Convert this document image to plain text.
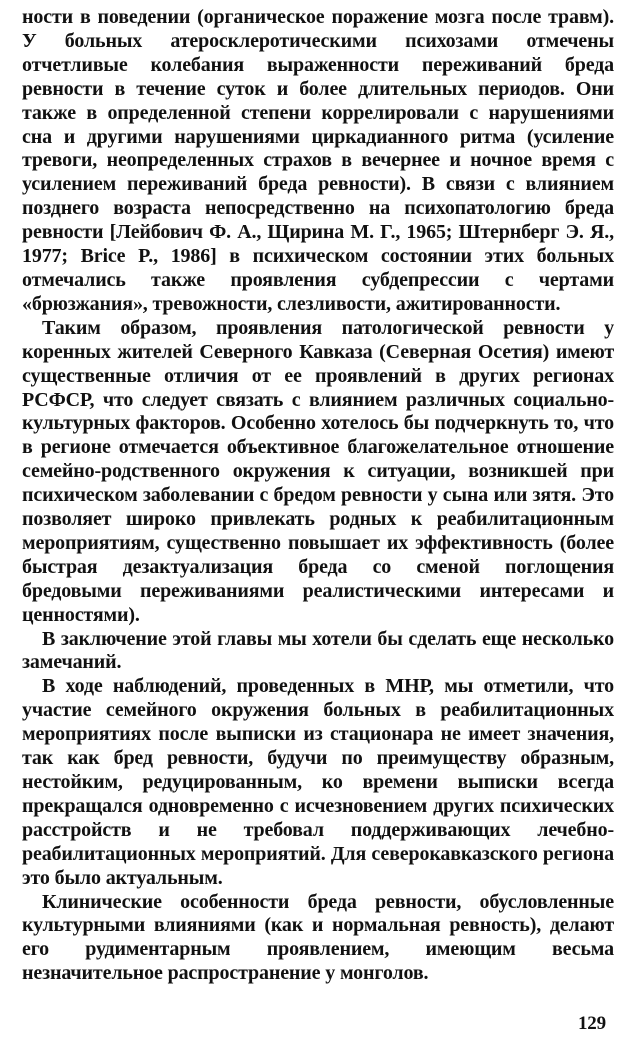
ности в поведении (органическое поражение мозга после травм). У больных атеросклеротическими психозами отмечены отчетливые колебания выраженности переживаний бреда ревности в течение суток и более длительных периодов. Они также в определенной степени коррелировали с нарушениями сна и другими нарушениями циркадианного ритма (усиление тревоги, неопределенных страхов в вечернее и ночное время с усилением переживаний бреда ревности). В связи с влиянием позднего возраста непосредственно на психопатологию бреда ревности [Лейбович Ф. А., Щирина М. Г., 1965; Штернберг Э. Я., 1977; Brice P., 1986] в психическом состоянии этих больных отмечались также проявления субдепрессии с чертами «брюзжания», тревожности, слезливости, ажитированности.

Таким образом, проявления патологической ревности у коренных жителей Северного Кавказа (Северная Осетия) имеют существенные отличия от ее проявлений в других регионах РСФСР, что следует связать с влиянием различных социально-культурных факторов. Особенно хотелось бы подчеркнуть то, что в регионе отмечается объективное благожелательное отношение семейно-родственного окружения к ситуации, возникшей при психическом заболевании с бредом ревности у сына или зятя. Это позволяет широко привлекать родных к реабилитационным мероприятиям, существенно повышает их эффективность (более быстрая дезактуализация бреда со сменой поглощения бредовыми переживаниями реалистическими интересами и ценностями).

В заключение этой главы мы хотели бы сделать еще несколько замечаний.

В ходе наблюдений, проведенных в МНР, мы отметили, что участие семейного окружения больных в реабилитационных мероприятиях после выписки из стационара не имеет значения, так как бред ревности, будучи по преимуществу образным, нестойким, редуцированным, ко времени выписки всегда прекращался одновременно с исчезновением других психических расстройств и не требовал поддерживающих лечебно-реабилитационных мероприятий. Для северокавказского региона это было актуальным.

Клинические особенности бреда ревности, обусловленные культурными влияниями (как и нормальная ревность), делают его рудиментарным проявлением, имеющим весьма незначительное распространение у монголов.

129
